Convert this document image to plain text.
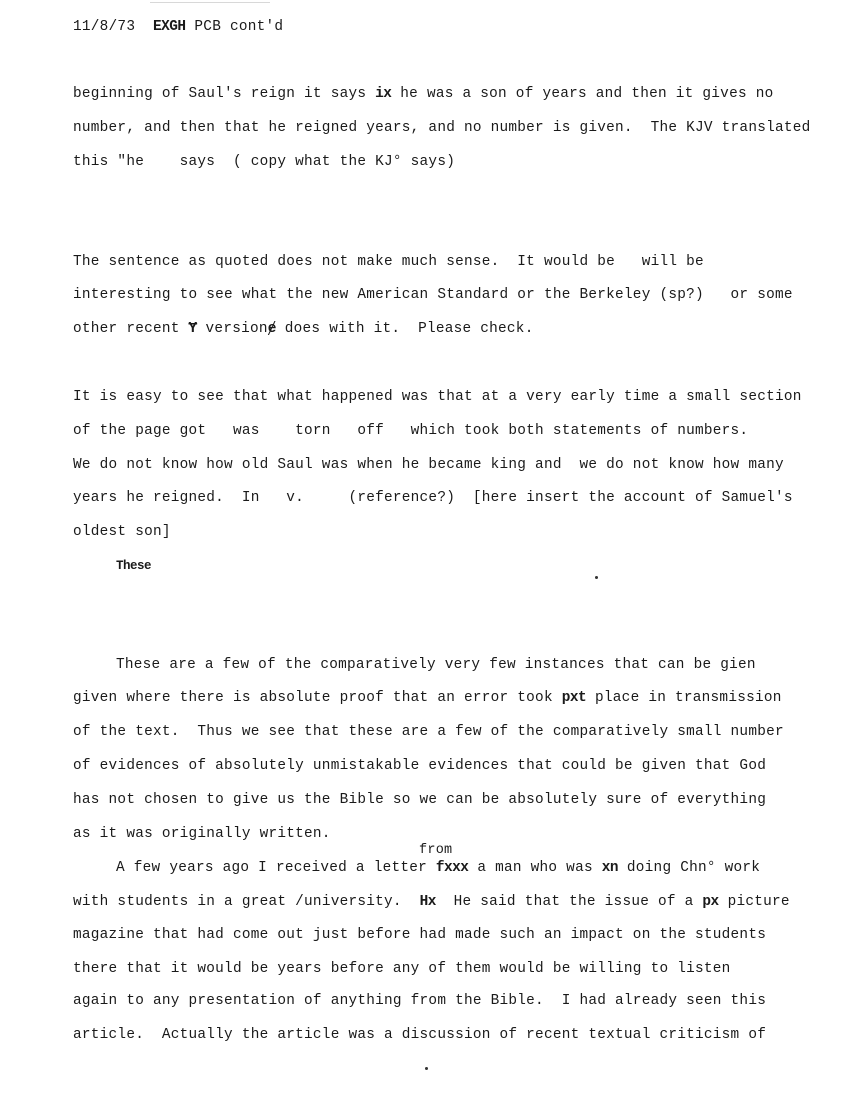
11/8/73 EXGH PCB cont'd
beginning of Saul's reign it says ix he was a son of years and then it gives no
number, and then that he reigned years, and no number is given.  The KJV translated
this "he    says  ( copy what the KJ° says)
The sentence as quoted does not make much sense.  It would be   will be
interesting to see what the new American Standard or the Berkeley (sp?)   or some
other recent Ɏ versionɇ does with it.  Please check.
It is easy to see that what happened was that at a very early time a small section
of the page got   was    torn   off   which took both statements of numbers.
We do not know how old Saul was when he became king and  we do not know how many
years he reigned.  In   v.     (reference?)  [here insert the account of Samuel's
oldest son]
These
These are a few of the comparatively very few instances that can be gien
given where there is absolute proof that an error took pxt place in transmission
of the text.  Thus we see that these are a few of the comparatively small number
of evidences of absolutely unmistakable evidences that could be given that God
has not chosen to give us the Bible so we can be absolutely sure of everything
as it was originally written.
from
A few years ago I received a letter fxxx a man who was xn doing Chn° work
with students in a great /university.  Hx  He said that the issue of a px picture
magazine that had come out just before had made such an impact on the students
there that it would be years before any of them would be willing to listen
again to any presentation of anything from the Bible.  I had already seen this
article.  Actually the article was a discussion of recent textual criticism of
